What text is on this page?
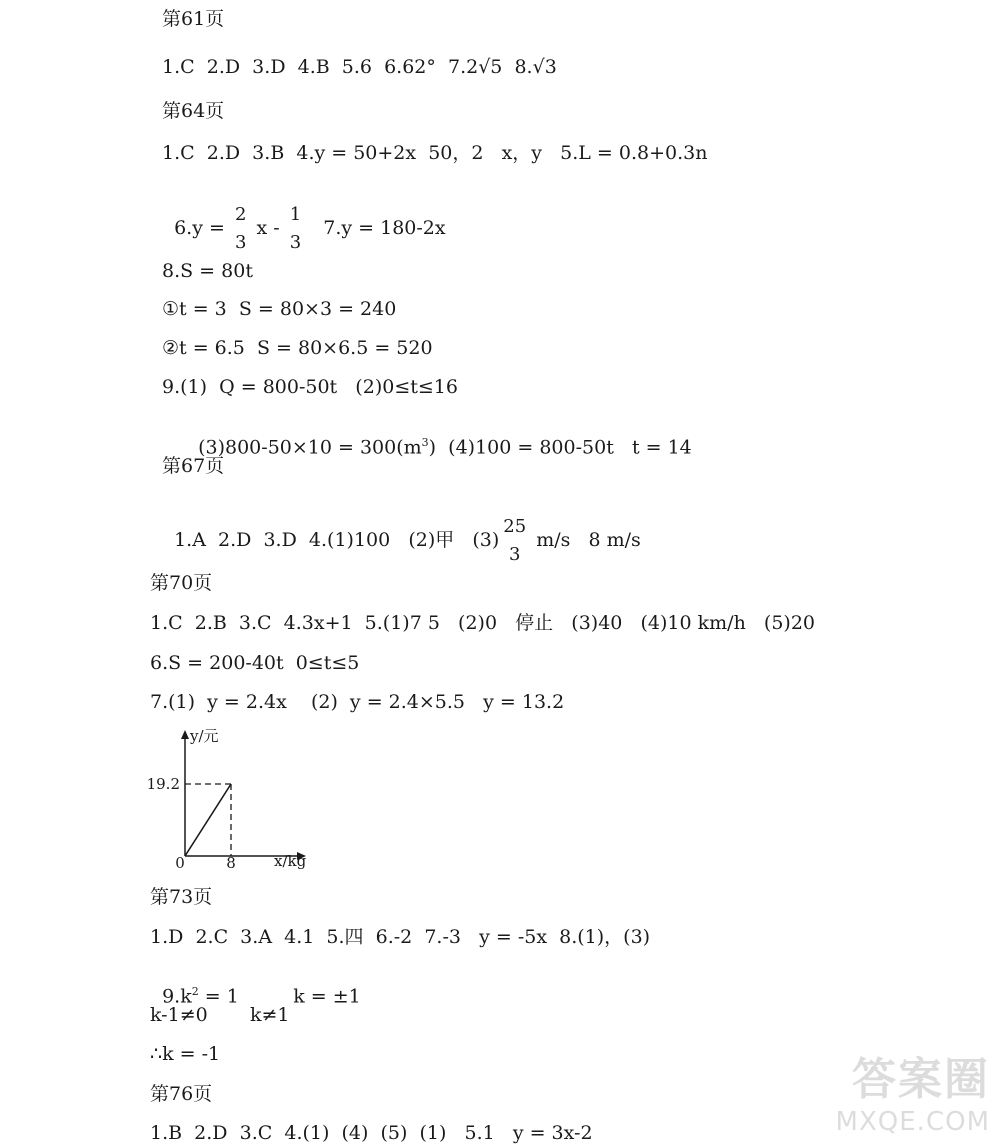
第61页
1.C  2.D  3.D  4.B  5.6  6.62°  7.2√5  8.√3
第64页
1.C  2.D  3.B  4.y = 50+2x  50，2   x，y   5.L = 0.8+0.3n

6.y =
2
3
x -
1
3
7.y = 180-2x

8.S = 80t
①t = 3  S = 80×3 = 240
②t = 6.5  S = 80×6.5 = 520
9.(1)  Q = 800-50t   (2)0≤t≤16

$(3)800-50\times 10 = 300(m^3) (4)100 = 800-50t$   t = 14

第67页

1.A  2.D  3.D  4.(1)100   (2)甲   (3)
25
3
m/s   8 m/s

第70页
1.C  2.B  3.C  4.3x+1  5.(1)7 5   (2)0   停止   (3)40   (4)10 km/h   (5)20
6.S = 200-40t  0≤t≤5
7.(1)  y = 2.4x    (2)  y = 2.4×5.5   y = 13.2
y/元
x/kg
0	8
19.2
第73页
1.D  2.C  3.A  4.1  5.四  6.-2  7.-3   y = -5x  8.(1)，(3)

$9.k^2 = 1$         k = ±1

k-1≠0       k≠1
∴k = -1
第76页
1.B  2.D  3.C  4.(1)  (4)  (5)  (1)   5.1   y = 3x-2
答案圈
MXQE.COM
